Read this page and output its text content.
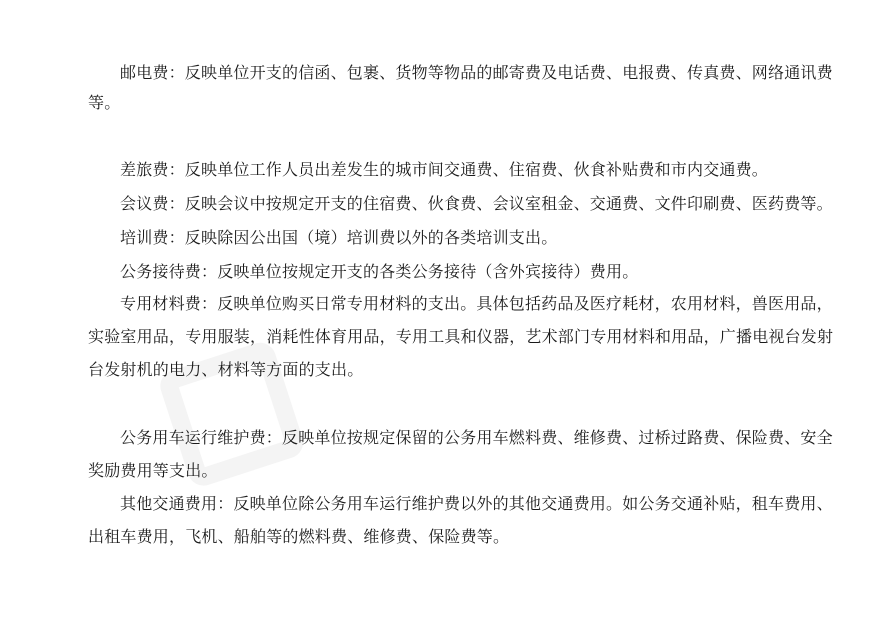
邮电费：反映单位开支的信函、包裹、货物等物品的邮寄费及电话费、电报费、传真费、网络通讯费等。

差旅费：反映单位工作人员出差发生的城市间交通费、住宿费、伙食补贴费和市内交通费。

会议费：反映会议中按规定开支的住宿费、伙食费、会议室租金、交通费、文件印刷费、医药费等。

培训费：反映除因公出国（境）培训费以外的各类培训支出。

公务接待费：反映单位按规定开支的各类公务接待（含外宾接待）费用。

专用材料费：反映单位购买日常专用材料的支出。具体包括药品及医疗耗材，农用材料，兽医用品，实验室用品，专用服装，消耗性体育用品，专用工具和仪器，艺术部门专用材料和用品，广播电视台发射台发射机的电力、材料等方面的支出。

公务用车运行维护费：反映单位按规定保留的公务用车燃料费、维修费、过桥过路费、保险费、安全奖励费用等支出。

其他交通费用：反映单位除公务用车运行维护费以外的其他交通费用。如公务交通补贴，租车费用、出租车费用，飞机、船舶等的燃料费、维修费、保险费等。
